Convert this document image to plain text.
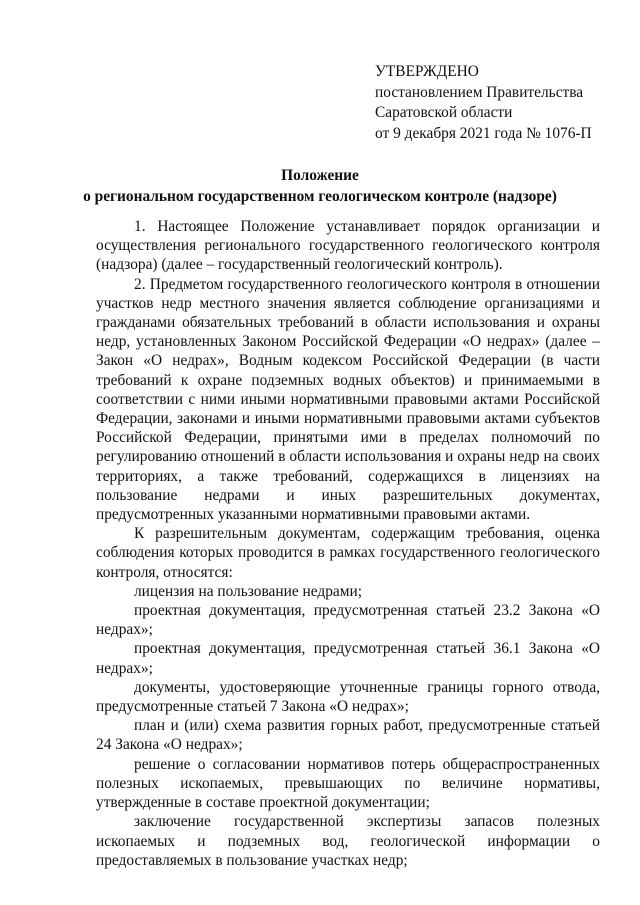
УТВЕРЖДЕНО
постановлением Правительства
Саратовской области
от 9 декабря 2021 года № 1076-П
Положение
о региональном государственном геологическом контроле (надзоре)

1. Настоящее Положение устанавливает порядок организации и осуществления регионального государственного геологического контроля (надзора) (далее – государственный геологический контроль).

2. Предметом государственного геологического контроля в отношении участков недр местного значения является соблюдение организациями и гражданами обязательных требований в области использования и охраны недр, установленных Законом Российской Федерации «О недрах» (далее – Закон «О недрах», Водным кодексом Российской Федерации (в части требований к охране подземных водных объектов) и принимаемыми в соответствии с ними иными нормативными правовыми актами Российской Федерации, законами и иными нормативными правовыми актами субъектов Российской Федерации, принятыми ими в пределах полномочий по регулированию отношений в области использования и охраны недр на своих территориях, а также требований, содержащихся в лицензиях на пользование недрами и иных разрешительных документах, предусмотренных указанными нормативными правовыми актами.

К разрешительным документам, содержащим требования, оценка соблюдения которых проводится в рамках государственного геологического контроля, относятся:

лицензия на пользование недрами;

проектная документация, предусмотренная статьей 23.2 Закона «О недрах»;

проектная документация, предусмотренная статьей 36.1 Закона «О недрах»;

документы, удостоверяющие уточненные границы горного отвода, предусмотренные статьей 7 Закона «О недрах»;

план и (или) схема развития горных работ, предусмотренные статьей 24 Закона «О недрах»;

решение о согласовании нормативов потерь общераспространенных полезных ископаемых, превышающих по величине нормативы, утвержденные в составе проектной документации;

заключение государственной экспертизы запасов полезных ископаемых и подземных вод, геологической информации о предоставляемых в пользование участках недр;
